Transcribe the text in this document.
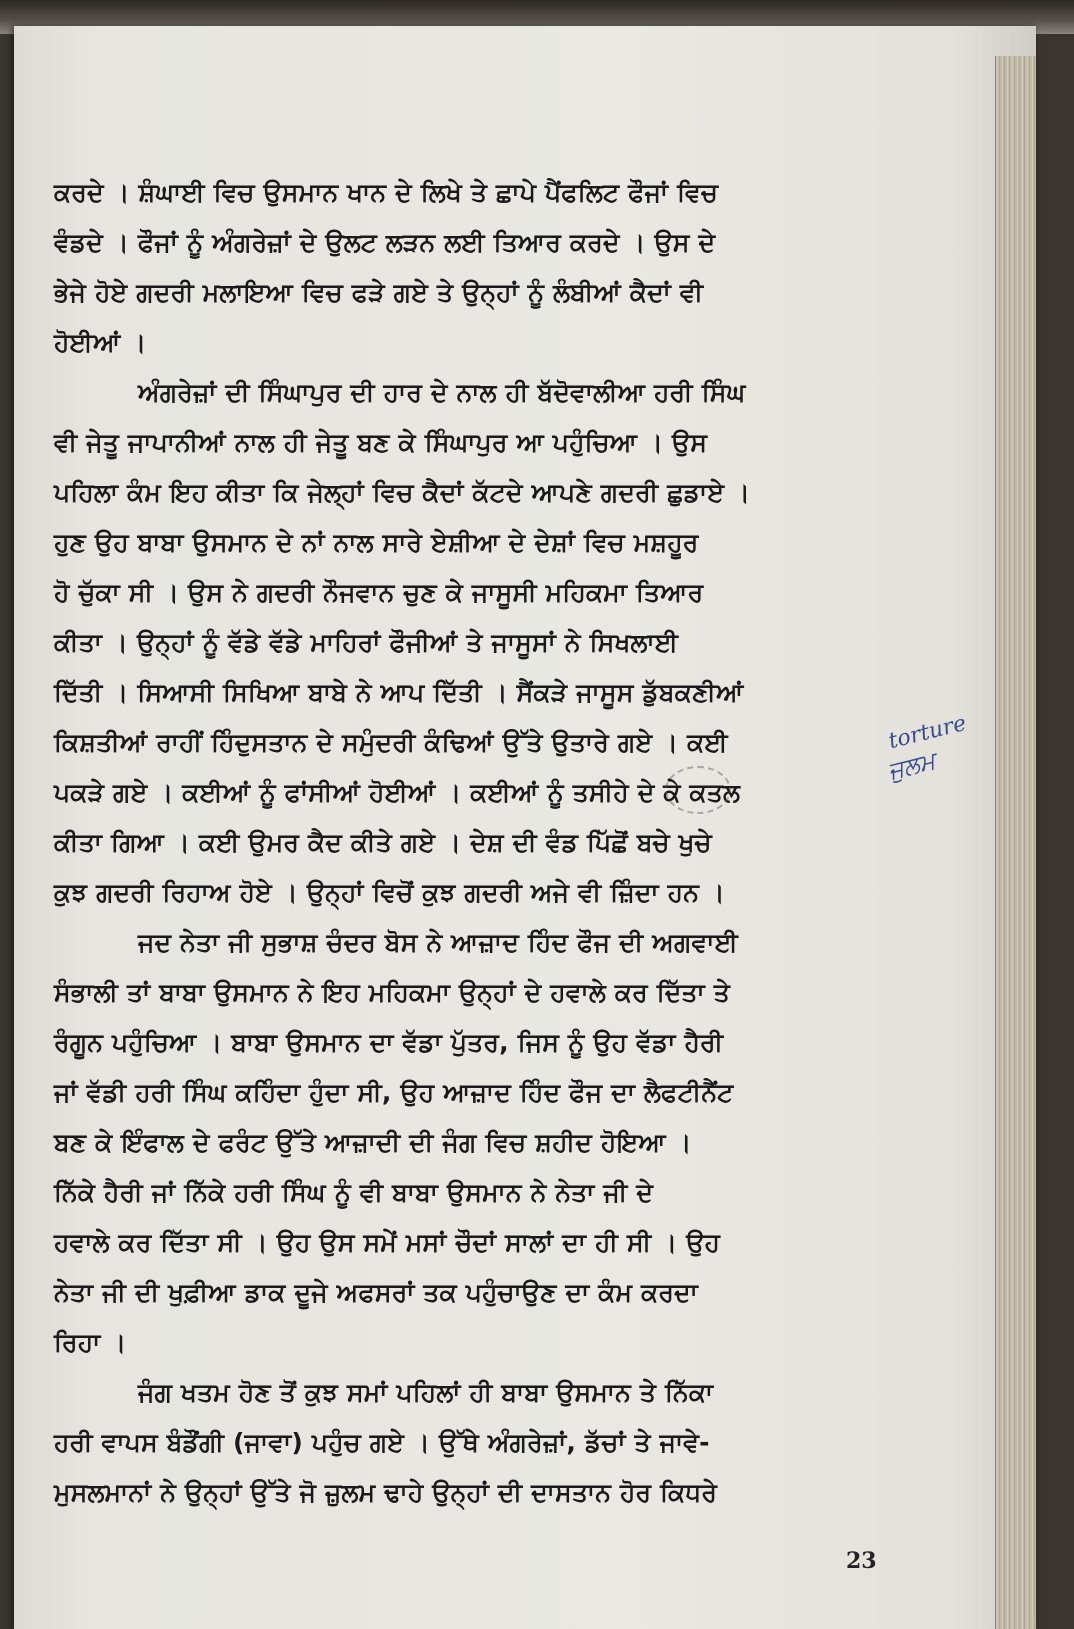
ਕਰਦੇ । ਸ਼ੰਘਾਈ ਵਿਚ ਉਸਮਾਨ ਖਾਨ ਦੇ ਲਿਖੇ ਤੇ ਛਾਪੇ ਪੈਂਫਲਿਟ ਫੌਜਾਂ ਵਿਚ
ਵੰਡਦੇ । ਫੌਜਾਂ ਨੂੰ ਅੰਗਰੇਜ਼ਾਂ ਦੇ ਉਲਟ ਲੜਨ ਲਈ ਤਿਆਰ ਕਰਦੇ । ਉਸ ਦੇ
ਭੇਜੇ ਹੋਏ ਗਦਰੀ ਮਲਾਇਆ ਵਿਚ ਫੜੇ ਗਏ ਤੇ ਉਨ੍ਹਾਂ ਨੂੰ ਲੰਬੀਆਂ ਕੈਦਾਂ ਵੀ
ਹੋਈਆਂ ।
ਅੰਗਰੇਜ਼ਾਂ ਦੀ ਸਿੰਘਾਪੁਰ ਦੀ ਹਾਰ ਦੇ ਨਾਲ ਹੀ ਬੱਦੋਵਾਲੀਆ ਹਰੀ ਸਿੰਘ
ਵੀ ਜੇਤੂ ਜਾਪਾਨੀਆਂ ਨਾਲ ਹੀ ਜੇਤੂ ਬਣ ਕੇ ਸਿੰਘਾਪੁਰ ਆ ਪਹੁੰਚਿਆ । ਉਸ
ਪਹਿਲਾ ਕੰਮ ਇਹ ਕੀਤਾ ਕਿ ਜੇਲ੍ਹਾਂ ਵਿਚ ਕੈਦਾਂ ਕੱਟਦੇ ਆਪਣੇ ਗਦਰੀ ਛੁਡਾਏ ।
ਹੁਣ ਉਹ ਬਾਬਾ ਉਸਮਾਨ ਦੇ ਨਾਂ ਨਾਲ ਸਾਰੇ ਏਸ਼ੀਆ ਦੇ ਦੇਸ਼ਾਂ ਵਿਚ ਮਸ਼ਹੂਰ
ਹੋ ਚੁੱਕਾ ਸੀ । ਉਸ ਨੇ ਗਦਰੀ ਨੌਜਵਾਨ ਚੁਣ ਕੇ ਜਾਸੂਸੀ ਮਹਿਕਮਾ ਤਿਆਰ
ਕੀਤਾ । ਉਨ੍ਹਾਂ ਨੂੰ ਵੱਡੇ ਵੱਡੇ ਮਾਹਿਰਾਂ ਫੌਜੀਆਂ ਤੇ ਜਾਸੂਸਾਂ ਨੇ ਸਿਖਲਾਈ
ਦਿੱਤੀ । ਸਿਆਸੀ ਸਿਖਿਆ ਬਾਬੇ ਨੇ ਆਪ ਦਿੱਤੀ । ਸੈਂਕੜੇ ਜਾਸੂਸ ਡੁੱਬਕਣੀਆਂ
ਕਿਸ਼ਤੀਆਂ ਰਾਹੀਂ ਹਿੰਦੁਸਤਾਨ ਦੇ ਸਮੁੰਦਰੀ ਕੰਢਿਆਂ ਉੱਤੇ ਉਤਾਰੇ ਗਏ । ਕਈ
ਪਕੜੇ ਗਏ । ਕਈਆਂ ਨੂੰ ਫਾਂਸੀਆਂ ਹੋਈਆਂ । ਕਈਆਂ ਨੂੰ ਤਸੀਹੇ ਦੇ ਕੇ ਕਤਲ
ਕੀਤਾ ਗਿਆ । ਕਈ ਉਮਰ ਕੈਦ ਕੀਤੇ ਗਏ । ਦੇਸ਼ ਦੀ ਵੰਡ ਪਿੱਛੋਂ ਬਚੇ ਖੁਚੇ
ਕੁਝ ਗਦਰੀ ਰਿਹਾਅ ਹੋਏ । ਉਨ੍ਹਾਂ ਵਿਚੋਂ ਕੁਝ ਗਦਰੀ ਅਜੇ ਵੀ ਜ਼ਿੰਦਾ ਹਨ ।
ਜਦ ਨੇਤਾ ਜੀ ਸੁਭਾਸ਼ ਚੰਦਰ ਬੋਸ ਨੇ ਆਜ਼ਾਦ ਹਿੰਦ ਫੌਜ ਦੀ ਅਗਵਾਈ
ਸੰਭਾਲੀ ਤਾਂ ਬਾਬਾ ਉਸਮਾਨ ਨੇ ਇਹ ਮਹਿਕਮਾ ਉਨ੍ਹਾਂ ਦੇ ਹਵਾਲੇ ਕਰ ਦਿੱਤਾ ਤੇ
ਰੰਗੂਨ ਪਹੁੰਚਿਆ । ਬਾਬਾ ਉਸਮਾਨ ਦਾ ਵੱਡਾ ਪੁੱਤਰ, ਜਿਸ ਨੂੰ ਉਹ ਵੱਡਾ ਹੈਰੀ
ਜਾਂ ਵੱਡੀ ਹਰੀ ਸਿੰਘ ਕਹਿੰਦਾ ਹੁੰਦਾ ਸੀ, ਉਹ ਆਜ਼ਾਦ ਹਿੰਦ ਫੌਜ ਦਾ ਲੈਫਟੀਨੈਂਟ
ਬਣ ਕੇ ਇੰਫਾਲ ਦੇ ਫਰੰਟ ਉੱਤੇ ਆਜ਼ਾਦੀ ਦੀ ਜੰਗ ਵਿਚ ਸ਼ਹੀਦ ਹੋਇਆ ।
ਨਿੱਕੇ ਹੈਰੀ ਜਾਂ ਨਿੱਕੇ ਹਰੀ ਸਿੰਘ ਨੂੰ ਵੀ ਬਾਬਾ ਉਸਮਾਨ ਨੇ ਨੇਤਾ ਜੀ ਦੇ
ਹਵਾਲੇ ਕਰ ਦਿੱਤਾ ਸੀ । ਉਹ ਉਸ ਸਮੇਂ ਮਸਾਂ ਚੌਦਾਂ ਸਾਲਾਂ ਦਾ ਹੀ ਸੀ । ਉਹ
ਨੇਤਾ ਜੀ ਦੀ ਖੁਫ਼ੀਆ ਡਾਕ ਦੂਜੇ ਅਫਸਰਾਂ ਤਕ ਪਹੁੰਚਾਉਣ ਦਾ ਕੰਮ ਕਰਦਾ
ਰਿਹਾ ।
ਜੰਗ ਖਤਮ ਹੋਣ ਤੋਂ ਕੁਝ ਸਮਾਂ ਪਹਿਲਾਂ ਹੀ ਬਾਬਾ ਉਸਮਾਨ ਤੇ ਨਿੱਕਾ
ਹਰੀ ਵਾਪਸ ਬੰਡੌਂਗੀ (ਜਾਵਾ) ਪਹੁੰਚ ਗਏ । ਉੱਥੇ ਅੰਗਰੇਜ਼ਾਂ, ਡੱਚਾਂ ਤੇ ਜਾਵੇ-
ਮੁਸਲਮਾਨਾਂ ਨੇ ਉਨ੍ਹਾਂ ਉੱਤੇ ਜੋ ਜ਼ੁਲਮ ਢਾਹੇ ਉਨ੍ਹਾਂ ਦੀ ਦਾਸਤਾਨ ਹੋਰ ਕਿਧਰੇ
torture
ਜੁਲਮ
23
